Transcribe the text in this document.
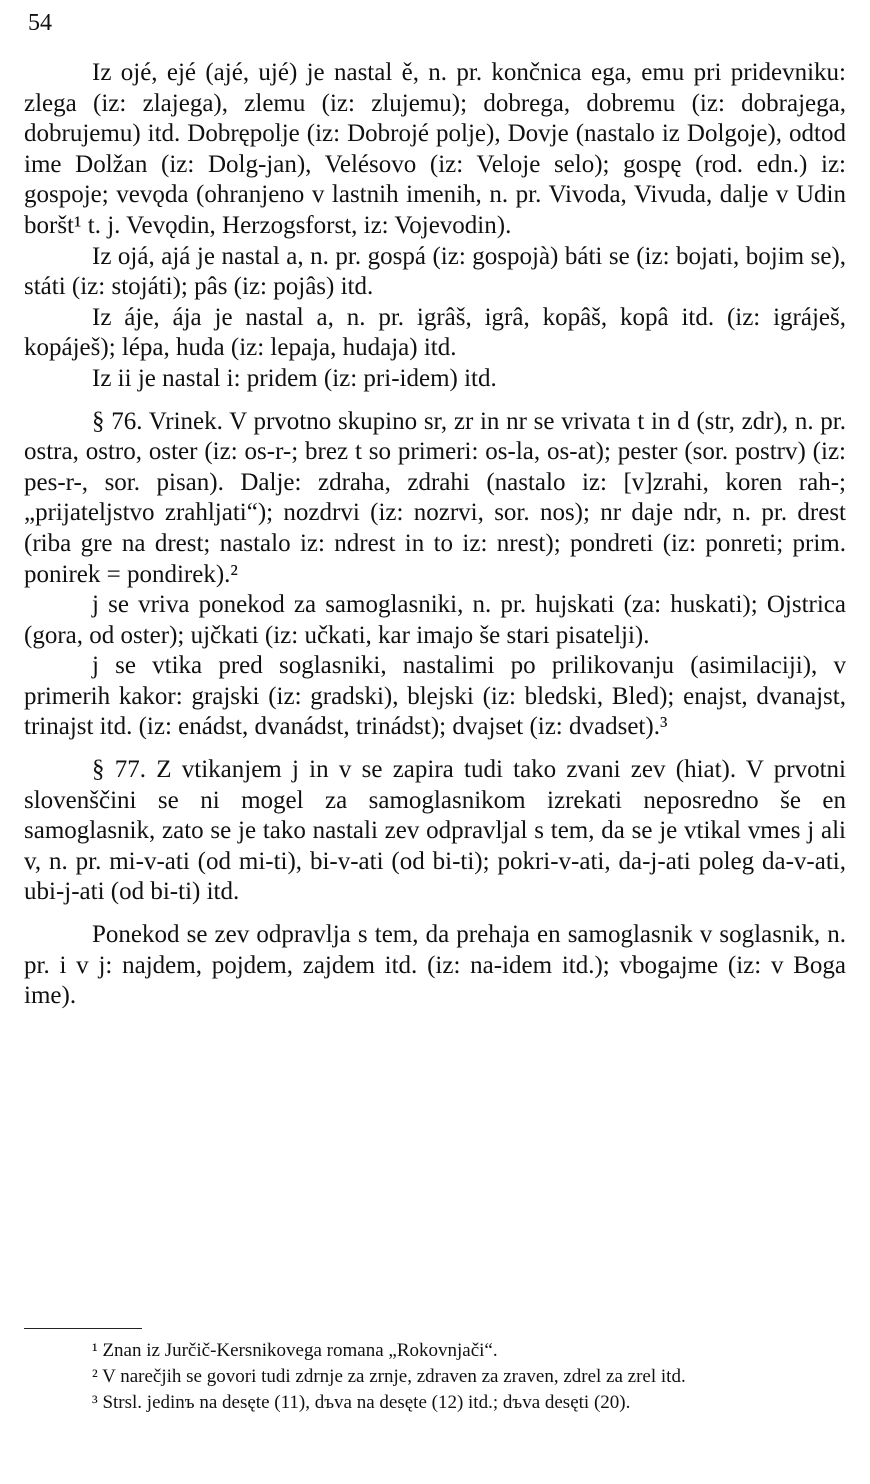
54

Iz ojé, ejé (ajé, ujé) je nastal ě, n. pr. končnica ega, emu pri pridevniku: zlega (iz: zlajega), zlemu (iz: zlujemu); dobrega, dobremu (iz: dobrajega, dobrujemu) itd. Dobrępolje (iz: Dobrojé polje), Dovje (nastalo iz Dolgoje), odtod ime Dolžan (iz: Dolg-jan), Velésovo (iz: Veloje selo); gospę (rod. edn.) iz: gospoje; vevǫda (ohranjeno v lastnih imenih, n. pr. Vivoda, Vivuda, dalje v Udin boršt¹ t. j. Vevǫdin, Herzogsforst, iz: Vojevodin).

Iz ojá, ajá je nastal a, n. pr. gospá (iz: gospojà) báti se (iz: bojati, bojim se), státi (iz: stojáti); pâs (iz: pojâs) itd.

Iz áje, ája je nastal a, n. pr. igrâš, igrâ, kopâš, kopâ itd. (iz: igráješ, kopáješ); lépa, huda (iz: lepaja, hudaja) itd.

Iz ii je nastal i: pridem (iz: pri-idem) itd.

§ 76. Vrinek. V prvotno skupino sr, zr in nr se vrivata t in d (str, zdr), n. pr. ostra, ostro, oster (iz: os-r-; brez t so primeri: os-la, os-at); pester (sor. postrv) (iz: pes-r-, sor. pisan). Dalje: zdraha, zdrahi (nastalo iz: [v]zrahi, koren rah-; „prijateljstvo zrahljati“); nozdrvi (iz: nozrvi, sor. nos); nr daje ndr, n. pr. drest (riba gre na drest; nastalo iz: ndrest in to iz: nrest); pondreti (iz: ponreti; prim. ponirek = pondirek).²

j se vriva ponekod za samoglasniki, n. pr. hujskati (za: huskati); Ojstrica (gora, od oster); ujčkati (iz: učkati, kar imajo še stari pisatelji).

j se vtika pred soglasniki, nastalimi po prilikovanju (asimilaciji), v primerih kakor: grajski (iz: gradski), blejski (iz: bledski, Bled); enajst, dvanajst, trinajst itd. (iz: enádst, dvanádst, trinádst); dvajset (iz: dvadset).³

§ 77. Z vtikanjem j in v se zapira tudi tako zvani zev (hiat). V prvotni slovenščini se ni mogel za samoglasnikom izrekati neposredno še en samoglasnik, zato se je tako nastali zev odpravljal s tem, da se je vtikal vmes j ali v, n. pr. mi-v-ati (od mi-ti), bi-v-ati (od bi-ti); pokri-v-ati, da-j-ati poleg da-v-ati, ubi-j-ati (od bi-ti) itd.

Ponekod se zev odpravlja s tem, da prehaja en samoglasnik v soglasnik, n. pr. i v j: najdem, pojdem, zajdem itd. (iz: na-idem itd.); vbogajme (iz: v Boga ime).

¹ Znan iz Jurčič-Kersnikovega romana „Rokovnjači“.

² V narečjih se govori tudi zdrnje za zrnje, zdraven za zraven, zdrel za zrel itd.

³ Strsl. jedinъ na desęte (11), dъva na desęte (12) itd.; dъva desęti (20).
